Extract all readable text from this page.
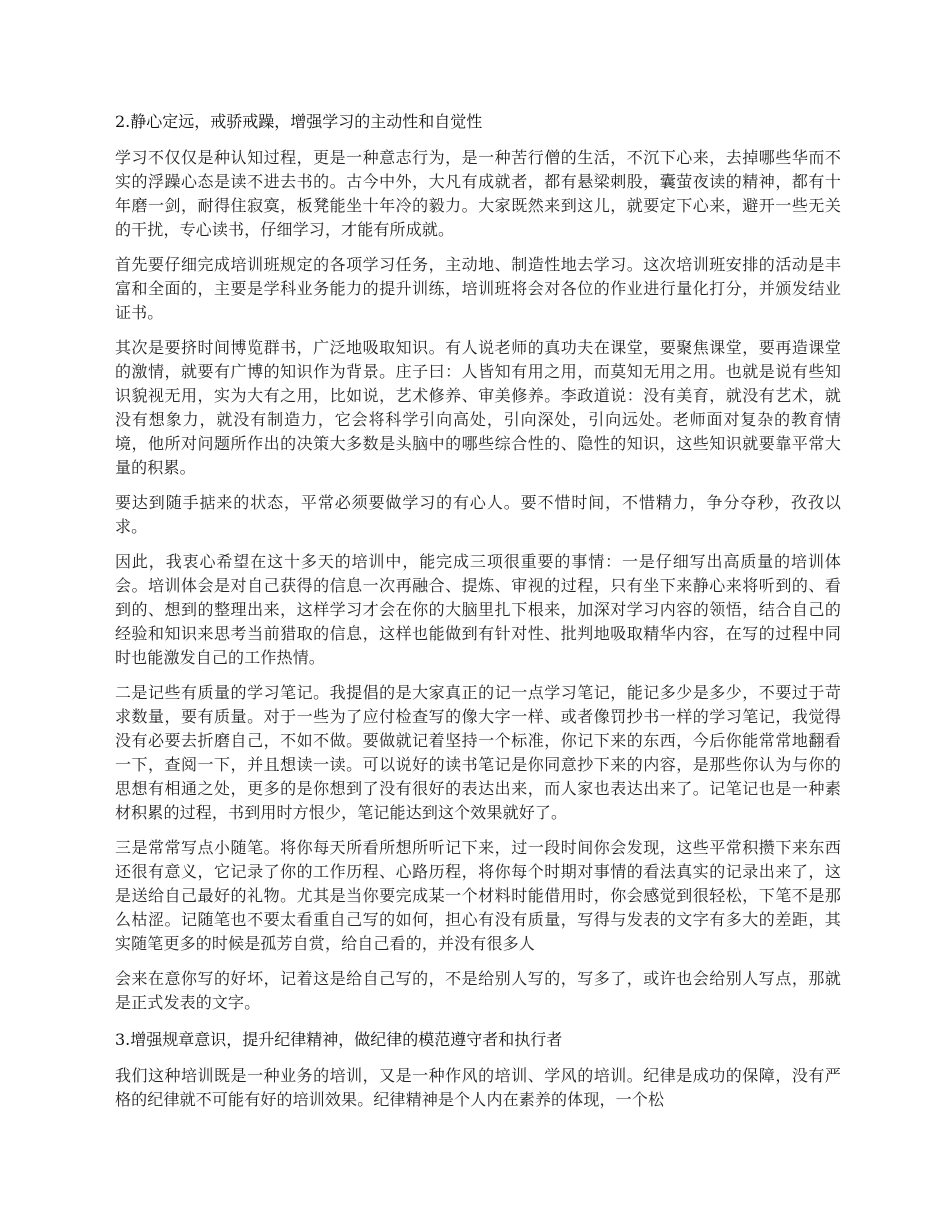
2.静心定远，戒骄戒躁，增强学习的主动性和自觉性

学习不仅仅是种认知过程，更是一种意志行为，是一种苦行僧的生活，不沉下心来，去掉哪些华而不实的浮躁心态是读不进去书的。古今中外，大凡有成就者，都有悬梁刺股，囊萤夜读的精神，都有十年磨一剑，耐得住寂寞，板凳能坐十年冷的毅力。大家既然来到这儿，就要定下心来，避开一些无关的干扰，专心读书，仔细学习，才能有所成就。

首先要仔细完成培训班规定的各项学习任务，主动地、制造性地去学习。这次培训班安排的活动是丰富和全面的，主要是学科业务能力的提升训练，培训班将会对各位的作业进行量化打分，并颁发结业证书。

其次是要挤时间博览群书，广泛地吸取知识。有人说老师的真功夫在课堂，要聚焦课堂，要再造课堂的激情，就要有广博的知识作为背景。庄子曰：人皆知有用之用，而莫知无用之用。也就是说有些知识貌视无用，实为大有之用，比如说，艺术修养、审美修养。李政道说：没有美育，就没有艺术，就没有想象力，就没有制造力，它会将科学引向高处，引向深处，引向远处。老师面对复杂的教育情境，他所对问题所作出的决策大多数是头脑中的哪些综合性的、隐性的知识，这些知识就要靠平常大量的积累。

要达到随手掂来的状态，平常必须要做学习的有心人。要不惜时间，不惜精力，争分夺秒，孜孜以求。

因此，我衷心希望在这十多天的培训中，能完成三项很重要的事情：一是仔细写出高质量的培训体会。培训体会是对自己获得的信息一次再融合、提炼、审视的过程，只有坐下来静心来将听到的、看到的、想到的整理出来，这样学习才会在你的大脑里扎下根来，加深对学习内容的领悟，结合自己的经验和知识来思考当前猎取的信息，这样也能做到有针对性、批判地吸取精华内容，在写的过程中同时也能激发自己的工作热情。

二是记些有质量的学习笔记。我提倡的是大家真正的记一点学习笔记，能记多少是多少，不要过于苛求数量，要有质量。对于一些为了应付检查写的像大字一样、或者像罚抄书一样的学习笔记，我觉得没有必要去折磨自己，不如不做。要做就记着坚持一个标准，你记下来的东西，今后你能常常地翻看一下，查阅一下，并且想读一读。可以说好的读书笔记是你同意抄下来的内容，是那些你认为与你的思想有相通之处，更多的是你想到了没有很好的表达出来，而人家也表达出来了。记笔记也是一种素材积累的过程，书到用时方恨少，笔记能达到这个效果就好了。

三是常常写点小随笔。将你每天所看所想所听记下来，过一段时间你会发现，这些平常积攒下来东西还很有意义，它记录了你的工作历程、心路历程，将你每个时期对事情的看法真实的记录出来了，这是送给自己最好的礼物。尤其是当你要完成某一个材料时能借用时，你会感觉到很轻松，下笔不是那么枯涩。记随笔也不要太看重自己写的如何，担心有没有质量，写得与发表的文字有多大的差距，其实随笔更多的时候是孤芳自赏，给自己看的，并没有很多人

会来在意你写的好坏，记着这是给自己写的，不是给别人写的，写多了，或许也会给别人写点，那就是正式发表的文字。

3.增强规章意识，提升纪律精神，做纪律的模范遵守者和执行者

我们这种培训既是一种业务的培训，又是一种作风的培训、学风的培训。纪律是成功的保障，没有严格的纪律就不可能有好的培训效果。纪律精神是个人内在素养的体现，一个松
